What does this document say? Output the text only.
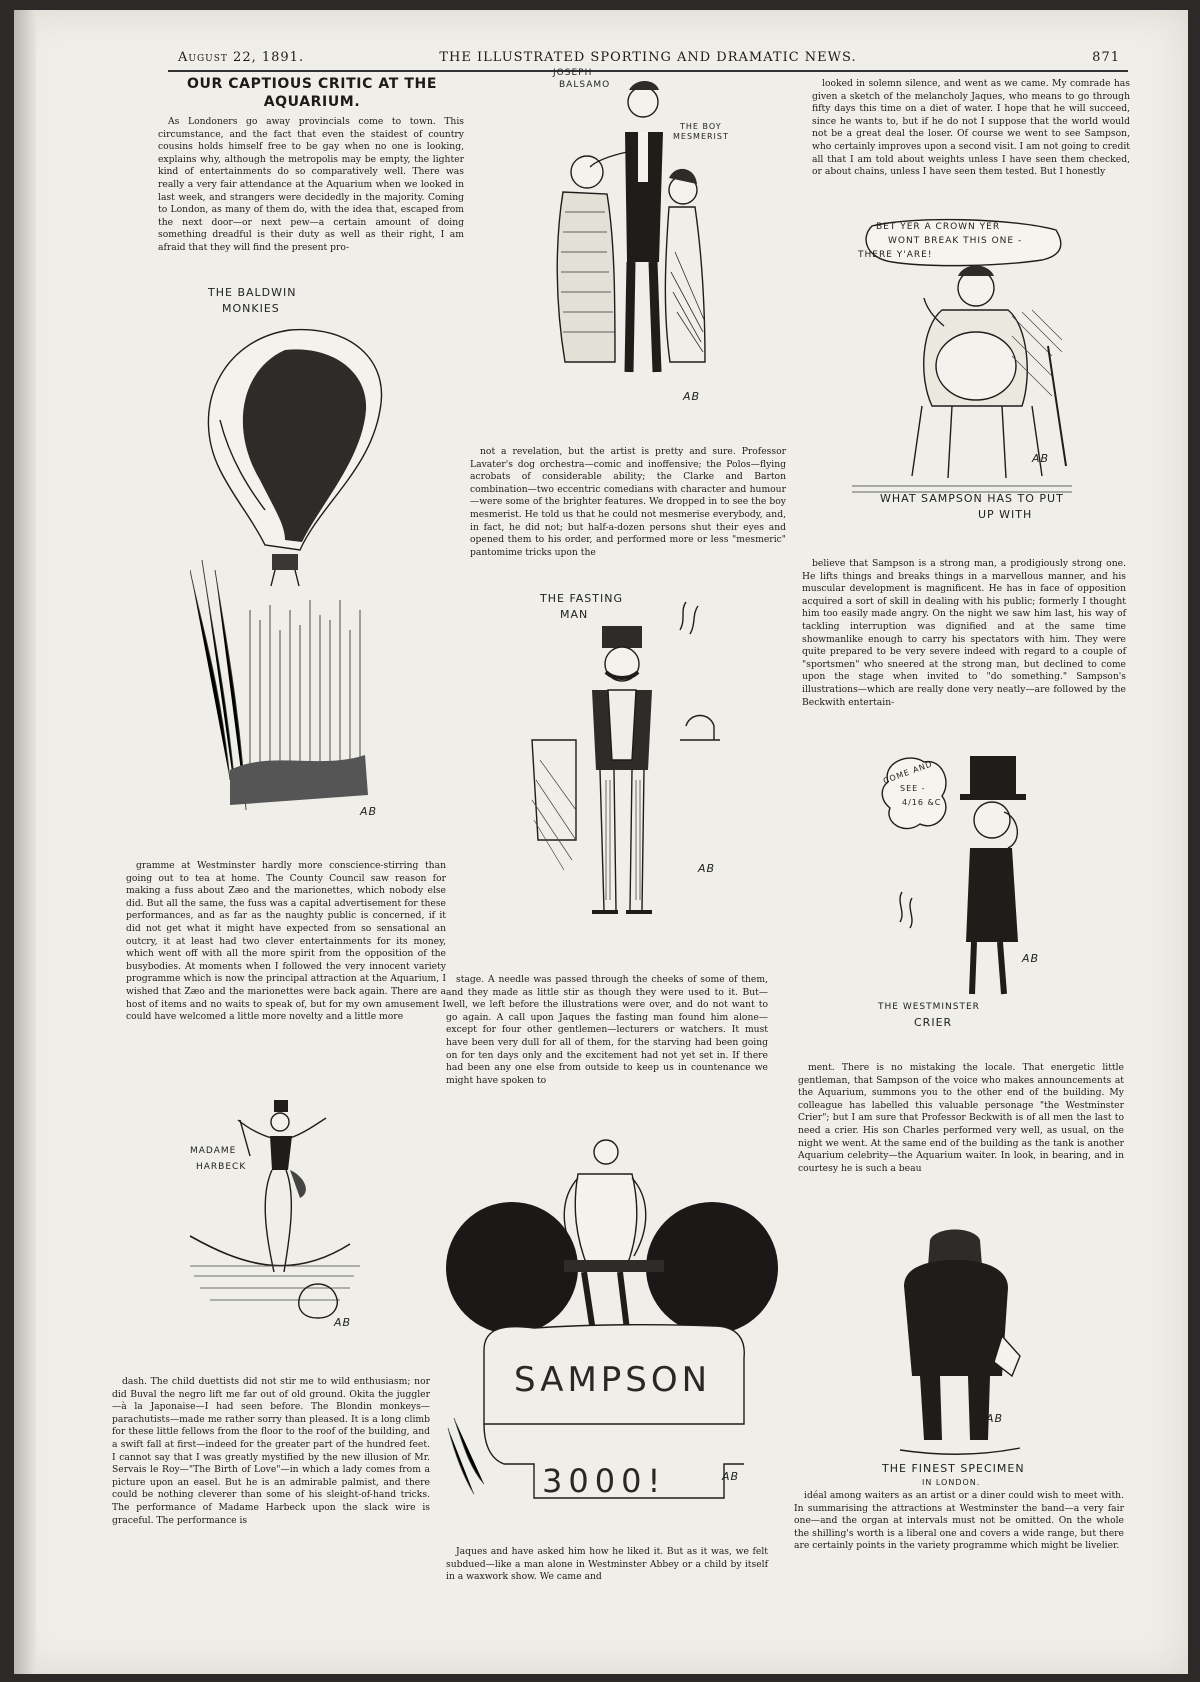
August 22, 1891.	THE ILLUSTRATED SPORTING AND DRAMATIC NEWS.	871
OUR CAPTIOUS CRITIC AT THE AQUARIUM.

As Londoners go away provincials come to town. This circumstance, and the fact that even the staidest of country cousins holds himself free to be gay when no one is looking, explains why, although the metropolis may be empty, the lighter kind of entertainments do so comparatively well. There was really a very fair attendance at the Aquarium when we looked in last week, and strangers were decidedly in the majority. Coming to London, as many of them do, with the idea that, escaped from the next door—or next pew—a certain amount of doing something dreadful is their duty as well as their right, I am afraid that they will find the present pro-

gramme at Westminster hardly more conscience-stirring than going out to tea at home. The County Council saw reason for making a fuss about Zæo and the marionettes, which nobody else did. But all the same, the fuss was a capital advertisement for these performances, and as far as the naughty public is concerned, if it did not get what it might have expected from so sensational an outcry, it at least had two clever entertainments for its money, which went off with all the more spirit from the opposition of the busybodies. At moments when I followed the very innocent variety programme which is now the principal attraction at the Aquarium, I wished that Zæo and the marionettes were back again. There are a host of items and no waits to speak of, but for my own amusement I could have welcomed a little more novelty and a little more

dash. The child duettists did not stir me to wild enthusiasm; nor did Buval the negro lift me far out of old ground. Okita the juggler—à la Japonaise—I had seen before. The Blondin monkeys—parachutists—made me rather sorry than pleased. It is a long climb for these little fellows from the floor to the roof of the building, and a swift fall at first—indeed for the greater part of the hundred feet. I cannot say that I was greatly mystified by the new illusion of Mr. Servais le Roy—"The Birth of Love"—in which a lady comes from a picture upon an easel. But he is an admirable palmist, and there could be nothing cleverer than some of his sleight-of-hand tricks. The performance of Madame Harbeck upon the slack wire is graceful. The performance is

not a revelation, but the artist is pretty and sure. Professor Lavater's dog orchestra—comic and inoffensive; the Polos—flying acrobats of considerable ability; the Clarke and Barton combination—two eccentric comedians with character and humour—were some of the brighter features. We dropped in to see the boy mesmerist. He told us that he could not mesmerise everybody, and, in fact, he did not; but half-a-dozen persons shut their eyes and opened them to his order, and performed more or less "mesmeric" pantomime tricks upon the

stage. A needle was passed through the cheeks of some of them, and they made as little stir as though they were used to it. But—well, we left before the illustrations were over, and do not want to go again. A call upon Jaques the fasting man found him alone—except for four other gentlemen—lecturers or watchers. It must have been very dull for all of them, for the starving had been going on for ten days only and the excitement had not yet set in. If there had been any one else from outside to keep us in countenance we might have spoken to

Jaques and have asked him how he liked it. But as it was, we felt subdued—like a man alone in Westminster Abbey or a child by itself in a waxwork show. We came and

looked in solemn silence, and went as we came. My comrade has given a sketch of the melancholy Jaques, who means to go through fifty days this time on a diet of water. I hope that he will succeed, since he wants to, but if he do not I suppose that the world would not be a great deal the loser. Of course we went to see Sampson, who certainly improves upon a second visit. I am not going to credit all that I am told about weights unless I have seen them checked, or about chains, unless I have seen them tested. But I honestly

believe that Sampson is a strong man, a prodigiously strong one. He lifts things and breaks things in a marvellous manner, and his muscular development is magnificent. He has in face of opposition acquired a sort of skill in dealing with his public; formerly I thought him too easily made angry. On the night we saw him last, his way of tackling interruption was dignified and at the same time showmanlike enough to carry his spectators with him. They were quite prepared to be very severe indeed with regard to a couple of "sportsmen" who sneered at the strong man, but declined to come upon the stage when invited to "do something." Sampson's illustrations—which are really done very neatly—are followed by the Beckwith entertain-

ment. There is no mistaking the locale. That energetic little gentleman, that Sampson of the voice who makes announcements at the Aquarium, summons you to the other end of the building. My colleague has labelled this valuable personage "the Westminster Crier"; but I am sure that Professor Beckwith is of all men the last to need a crier. His son Charles performed very well, as usual, on the night we went. At the same end of the building as the tank is another Aquarium celebrity—the Aquarium waiter. In look, in bearing, and in courtesy he is such a beau

idéal among waiters as an artist or a diner could wish to meet with. In summarising the attractions at Westminster the band—a very fair one—and the organ at intervals must not be omitted. On the whole the shilling's worth is a liberal one and covers a wide range, but there are certainly points in the variety programme which might be livelier.

THE BALDWIN
MONKIES
AB
JOSEPH
BALSAMO
THE BOY
MESMERIST
AB
BET YER A CROWN YER
WONT BREAK THIS ONE -
THERE Y'ARE!
AB
WHAT SAMPSON HAS TO PUT
UP WITH
THE FASTING
MAN
AB
COME AND
SEE -
4/16 &C
AB
THE WESTMINSTER
CRIER
MADAME
HARBECK
AB
SAMPSON
3000!	AB
AB
THE FINEST SPECIMEN
IN LONDON.
